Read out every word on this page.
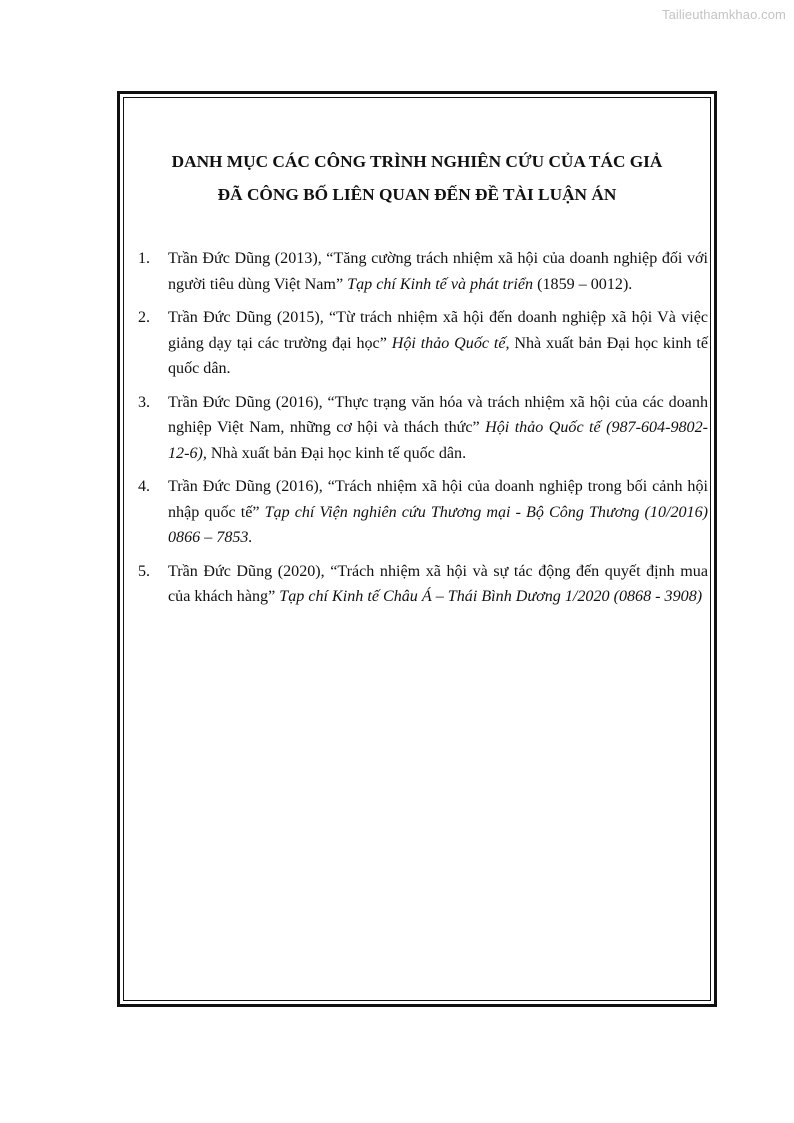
Tailieuthamkhao.com
DANH MỤC CÁC CÔNG TRÌNH NGHIÊN CỨU CỦA TÁC GIẢ
ĐÃ CÔNG BỐ LIÊN QUAN ĐẾN ĐỀ TÀI LUẬN ÁN
1. Trần Đức Dũng (2013), “Tăng cường trách nhiệm xã hội của doanh nghiệp đối với người tiêu dùng Việt Nam” Tạp chí Kinh tế và phát triển (1859 – 0012).
2. Trần Đức Dũng (2015), “Từ trách nhiệm xã hội đến doanh nghiệp xã hội Và việc giảng dạy tại các trường đại học” Hội thảo Quốc tế, Nhà xuất bản Đại học kinh tế quốc dân.
3. Trần Đức Dũng (2016), “Thực trạng văn hóa và trách nhiệm xã hội của các doanh nghiệp Việt Nam, những cơ hội và thách thức” Hội thảo Quốc tế (987-604-9802-12-6), Nhà xuất bản Đại học kinh tế quốc dân.
4. Trần Đức Dũng (2016), “Trách nhiệm xã hội của doanh nghiệp trong bối cảnh hội nhập quốc tế” Tạp chí Viện nghiên cứu Thương mại - Bộ Công Thương (10/2016) 0866 – 7853.
5. Trần Đức Dũng (2020), “Trách nhiệm xã hội và sự tác động đến quyết định mua của khách hàng” Tạp chí Kinh tế Châu Á – Thái Bình Dương 1/2020 (0868 - 3908)
